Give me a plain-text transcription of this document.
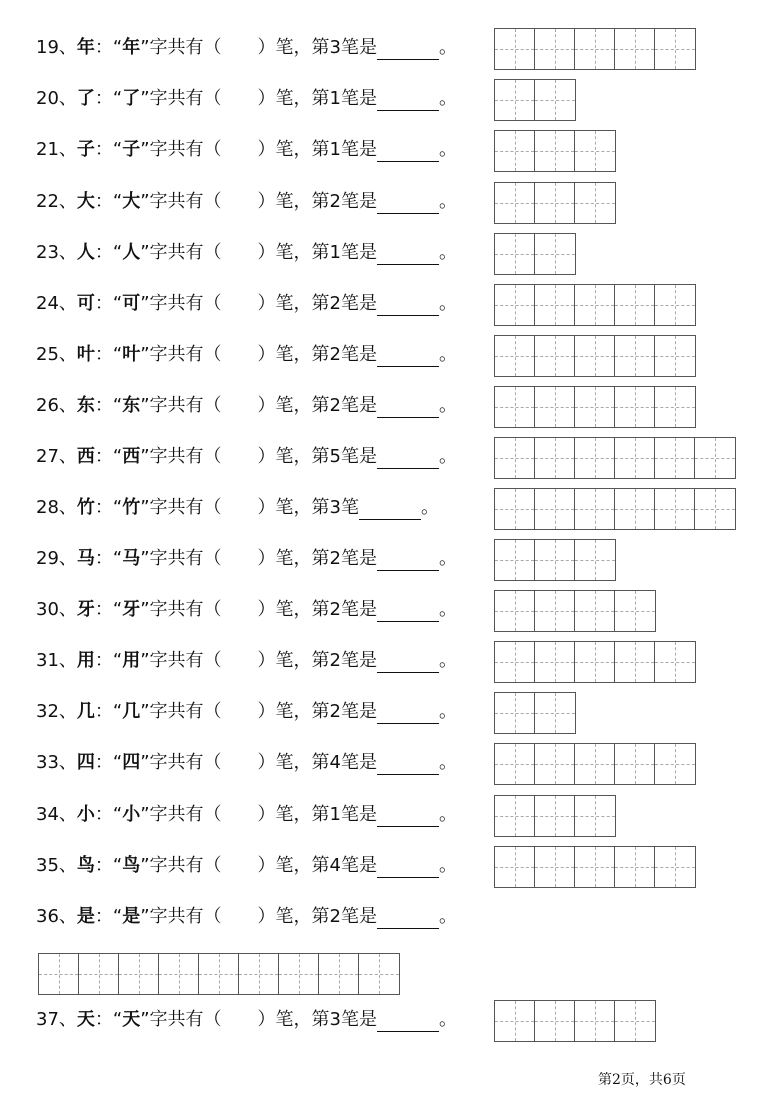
19、年：“年”字共有（　　）笔，第3笔是	。
20、了：“了”字共有（　　）笔，第1笔是	。
21、子：“子”字共有（　　）笔，第1笔是	。
22、大：“大”字共有（　　）笔，第2笔是	。
23、人：“人”字共有（　　）笔，第1笔是	。
24、可：“可”字共有（　　）笔，第2笔是	。
25、叶：“叶”字共有（　　）笔，第2笔是	。
26、东：“东”字共有（　　）笔，第2笔是	。
27、西：“西”字共有（　　）笔，第5笔是	。
28、竹：“竹”字共有（　　）笔，第3笔	。
29、马：“马”字共有（　　）笔，第2笔是	。
30、牙：“牙”字共有（　　）笔，第2笔是	。
31、用：“用”字共有（　　）笔，第2笔是	。
32、几：“几”字共有（　　）笔，第2笔是	。
33、四：“四”字共有（　　）笔，第4笔是	。
34、小：“小”字共有（　　）笔，第1笔是	。
35、鸟：“鸟”字共有（　　）笔，第4笔是	。
36、是：“是”字共有（　　）笔，第2笔是	。
37、天：“天”字共有（　　）笔，第3笔是	。
第2页，共6页
